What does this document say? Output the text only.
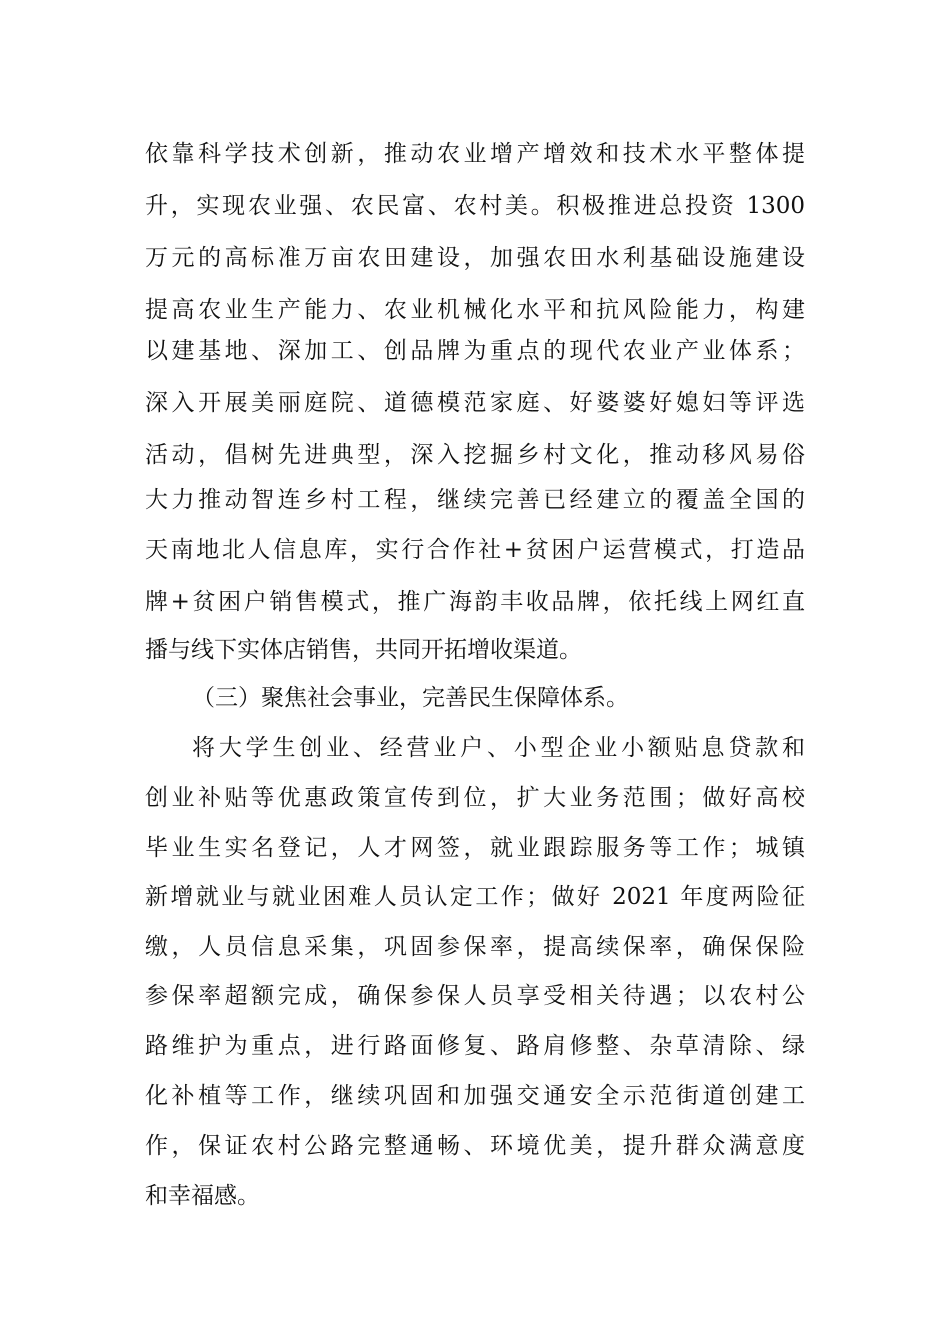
依靠科学技术创新，推动农业增产增效和技术水平整体提
升，实现农业强、农民富、农村美。积极推进总投资 1300
万元的高标准万亩农田建设，加强农田水利基础设施建设
提高农业生产能力、农业机械化水平和抗风险能力，构建
以建基地、深加工、创品牌为重点的现代农业产业体系；
深入开展美丽庭院、道德模范家庭、好婆婆好媳妇等评选
活动，倡树先进典型，深入挖掘乡村文化，推动移风易俗
大力推动智连乡村工程，继续完善已经建立的覆盖全国的
天南地北人信息库，实行合作社+贫困户运营模式，打造品
牌+贫困户销售模式，推广海韵丰收品牌，依托线上网红直
播与线下实体店销售，共同开拓增收渠道。
（三）聚焦社会事业，完善民生保障体系。
将大学生创业、经营业户、小型企业小额贴息贷款和
创业补贴等优惠政策宣传到位，扩大业务范围；做好高校
毕业生实名登记，人才网签，就业跟踪服务等工作；城镇
新增就业与就业困难人员认定工作；做好 2021 年度两险征
缴，人员信息采集，巩固参保率，提高续保率，确保保险
参保率超额完成，确保参保人员享受相关待遇；以农村公
路维护为重点，进行路面修复、路肩修整、杂草清除、绿
化补植等工作，继续巩固和加强交通安全示范街道创建工
作，保证农村公路完整通畅、环境优美，提升群众满意度
和幸福感。
